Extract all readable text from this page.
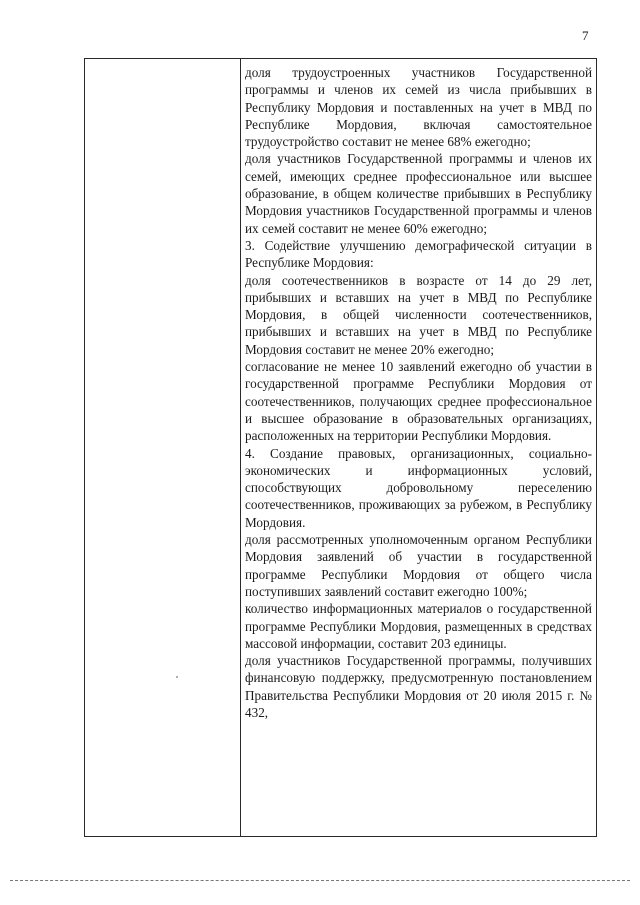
7

доля трудоустроенных участников Государственной программы и членов их семей из числа прибывших в Республику Мордовия и поставленных на учет в МВД по Республике Мордовия, включая самостоятельное трудоустройство составит не менее 68% ежегодно;

доля участников Государственной программы и членов их семей, имеющих среднее профессиональное или высшее образование, в общем количестве прибывших в Республику Мордовия участников Государственной программы и членов их семей составит не менее 60% ежегодно;

3. Содействие улучшению демографической ситуации в Республике Мордовия:

доля соотечественников в возрасте от 14 до 29 лет, прибывших и вставших на учет в МВД по Республике Мордовия, в общей численности соотечественников, прибывших и вставших на учет в МВД по Республике Мордовия составит не менее 20% ежегодно;

согласование не менее 10 заявлений ежегодно об участии в государственной программе Республики Мордовия от соотечественников, получающих среднее профессиональное и высшее образование в образовательных организациях, расположенных на территории Республики Мордовия.

4. Создание правовых, организационных, социально-экономических и информационных условий, способствующих добровольному переселению соотечественников, проживающих за рубежом, в Республику Мордовия.

доля рассмотренных уполномоченным органом Республики Мордовия заявлений об участии в государственной программе Республики Мордовия от общего числа поступивших заявлений составит ежегодно 100%;

количество информационных материалов о государственной программе Республики Мордовия, размещенных в средствах массовой информации, составит 203 единицы.

доля участников Государственной программы, получивших финансовую поддержку, предусмотренную постановлением Правительства Республики Мордовия от 20 июля 2015 г. № 432,
